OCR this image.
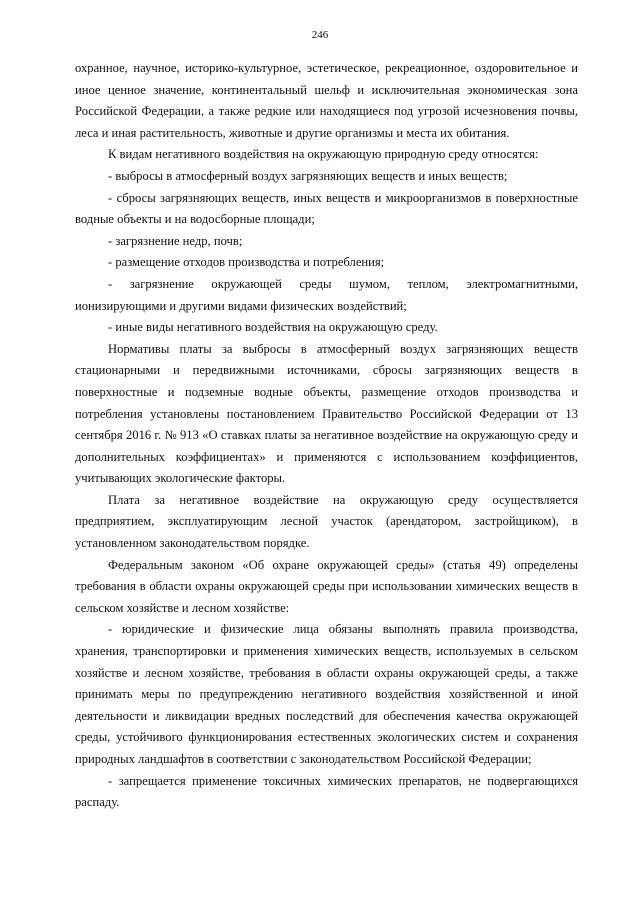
246

охранное, научное, историко-культурное, эстетическое, рекреационное, оздоровительное и иное ценное значение, континентальный шельф и исключительная экономическая зона Российской Федерации, а также редкие или находящиеся под угрозой исчезновения почвы, леса и иная растительность, животные и другие организмы и места их обитания.

К видам негативного воздействия на окружающую природную среду относятся:

- выбросы в атмосферный воздух загрязняющих веществ и иных веществ;

- сбросы загрязняющих веществ, иных веществ и микроорганизмов в поверхностные водные объекты и на водосборные площади;

- загрязнение недр, почв;

- размещение отходов производства и потребления;

- загрязнение окружающей среды шумом, теплом, электромагнитными, ионизирующими и другими видами физических воздействий;

- иные виды негативного воздействия на окружающую среду.

Нормативы платы за выбросы в атмосферный воздух загрязняющих веществ стационарными и передвижными источниками, сбросы загрязняющих веществ в поверхностные и подземные водные объекты, размещение отходов производства и потребления установлены постановлением Правительство Российской Федерации от 13 сентября 2016 г. № 913 «О ставках платы за негативное воздействие на окружающую среду и дополнительных коэффициентах» и применяются с использованием коэффициентов, учитывающих экологические факторы.

Плата за негативное воздействие на окружающую среду осуществляется предприятием, эксплуатирующим лесной участок (арендатором, застройщиком), в установленном законодательством порядке.

Федеральным законом «Об охране окружающей среды» (статья 49) определены требования в области охраны окружающей среды при использовании химических веществ в сельском хозяйстве и лесном хозяйстве:

- юридические и физические лица обязаны выполнять правила производства, хранения, транспортировки и применения химических веществ, используемых в сельском хозяйстве и лесном хозяйстве, требования в области охраны окружающей среды, а также принимать меры по предупреждению негативного воздействия хозяйственной и иной деятельности и ликвидации вредных последствий для обеспечения качества окружающей среды, устойчивого функционирования естественных экологических систем и сохранения природных ландшафтов в соответствии с законодательством Российской Федерации;

- запрещается применение токсичных химических препаратов, не подвергающихся распаду.
